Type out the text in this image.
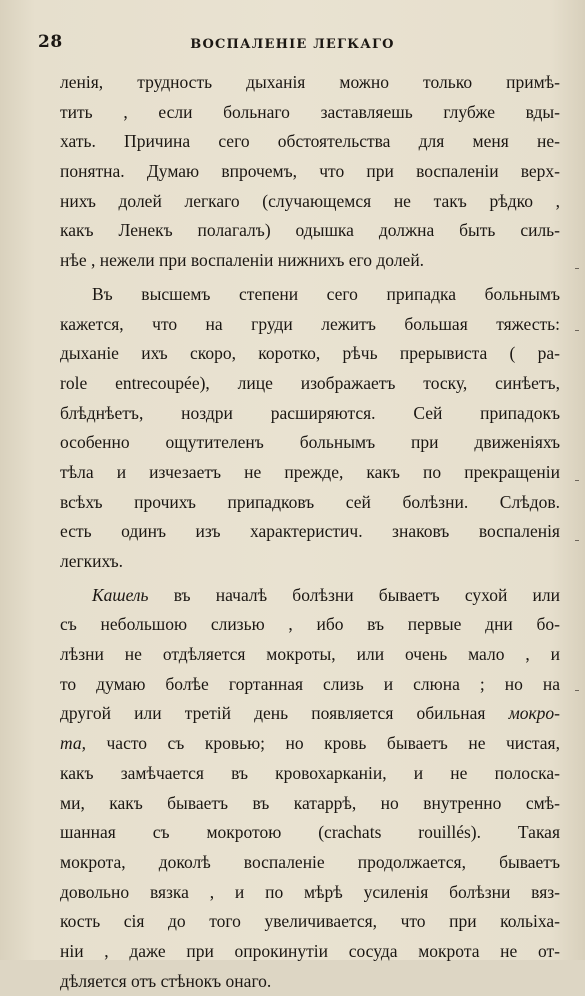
28	ВОСПАЛЕНІЕ ЛЕГКАГО
ленія, трудность дыханія можно только примѣ-
тить , если больнаго заставляешь глубже вды-
хать. Причина сего обстоятельства для меня не-
понятна. Думаю впрочемъ, что при воспаленіи верх-
нихъ долей легкаго (случающемся не такъ рѣдко ,
какъ Ленекъ полагалъ) одышка должна быть силь-
нѣе , нежели при воспаленіи нижнихъ его долей.
Въ высшемъ степени сего припадка больнымъ
кажется, что на груди лежитъ большая тяжесть:
дыханіе ихъ скоро, коротко, рѣчь прерывиста ( pa-
role entrecoupée), лице изображаетъ тоску, синѣетъ,
блѣднѣетъ, ноздри расширяются. Сей припадокъ
особенно ощутителенъ больнымъ при движеніяхъ
тѣла и изчезаетъ не прежде, какъ по прекращеніи
всѣхъ прочихъ припадковъ сей болѣзни. Слѣдов.
есть одинъ изъ характеристич. знаковъ воспаленія
легкихъ.
Кашель въ началѣ болѣзни бываетъ сухой или
съ небольшою слизью , ибо въ первые дни бо-
лѣзни не отдѣляется мокроты, или очень мало , и
то думаю болѣе гортанная слизь и слюна ; но на
другой или третій день появляется обильная мокро-
та, часто съ кровью; но кровь бываетъ не чистая,
какъ замѣчается въ кровохарканіи, и не полоска-
ми, какъ бываетъ въ катаррѣ, но внутренно смѣ-
шанная съ мокротою (crachats rouillés). Такая
мокрота, доколѣ воспаленіе продолжается, бываетъ
довольно вязка , и по мѣрѣ усиленія болѣзни вяз-
кость сія до того увеличивается, что при кольіха-
ніи , даже при опрокинутіи сосуда мокрота не от-
дѣляется отъ стѣнокъ онаго.
